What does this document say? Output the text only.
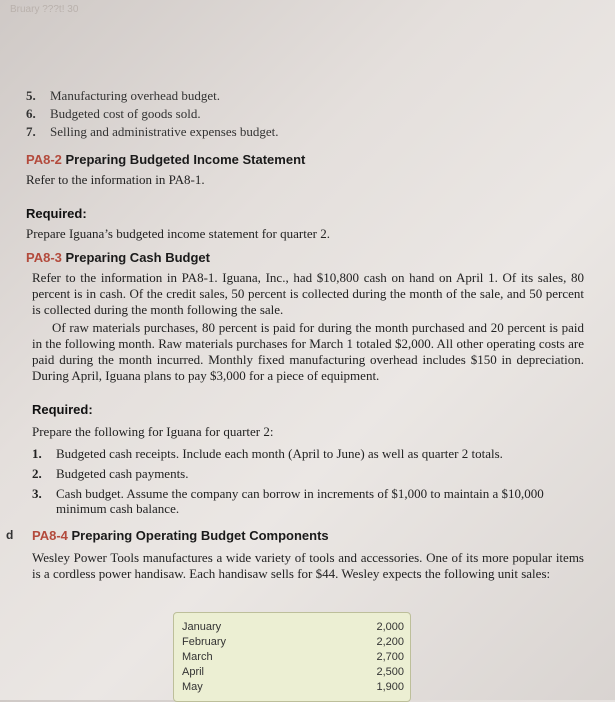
Bruary ???t! 30
5. Manufacturing overhead budget.
6. Budgeted cost of goods sold.
7. Selling and administrative expenses budget.
PA8-2 Preparing Budgeted Income Statement
Refer to the information in PA8-1.
Required:
Prepare Iguana’s budgeted income statement for quarter 2.
PA8-3 Preparing Cash Budget
Refer to the information in PA8-1. Iguana, Inc., had $10,800 cash on hand on April 1. Of its sales, 80 percent is in cash. Of the credit sales, 50 percent is collected during the month of the sale, and 50 percent is collected during the month following the sale.
Of raw materials purchases, 80 percent is paid for during the month purchased and 20 percent is paid in the following month. Raw materials purchases for March 1 totaled $2,000. All other operating costs are paid during the month incurred. Monthly fixed manufacturing overhead includes $150 in depreciation. During April, Iguana plans to pay $3,000 for a piece of equipment.
Required:
Prepare the following for Iguana for quarter 2:
1. Budgeted cash receipts. Include each month (April to June) as well as quarter 2 totals.
2. Budgeted cash payments.
3. Cash budget. Assume the company can borrow in increments of $1,000 to maintain a $10,000 minimum cash balance.
d PA8-4 Preparing Operating Budget Components
Wesley Power Tools manufactures a wide variety of tools and accessories. One of its more popular items is a cordless power handisaw. Each handisaw sells for $44. Wesley expects the following unit sales:
January	2,000
February	2,200
March	2,700
April	2,500
May	1,900
